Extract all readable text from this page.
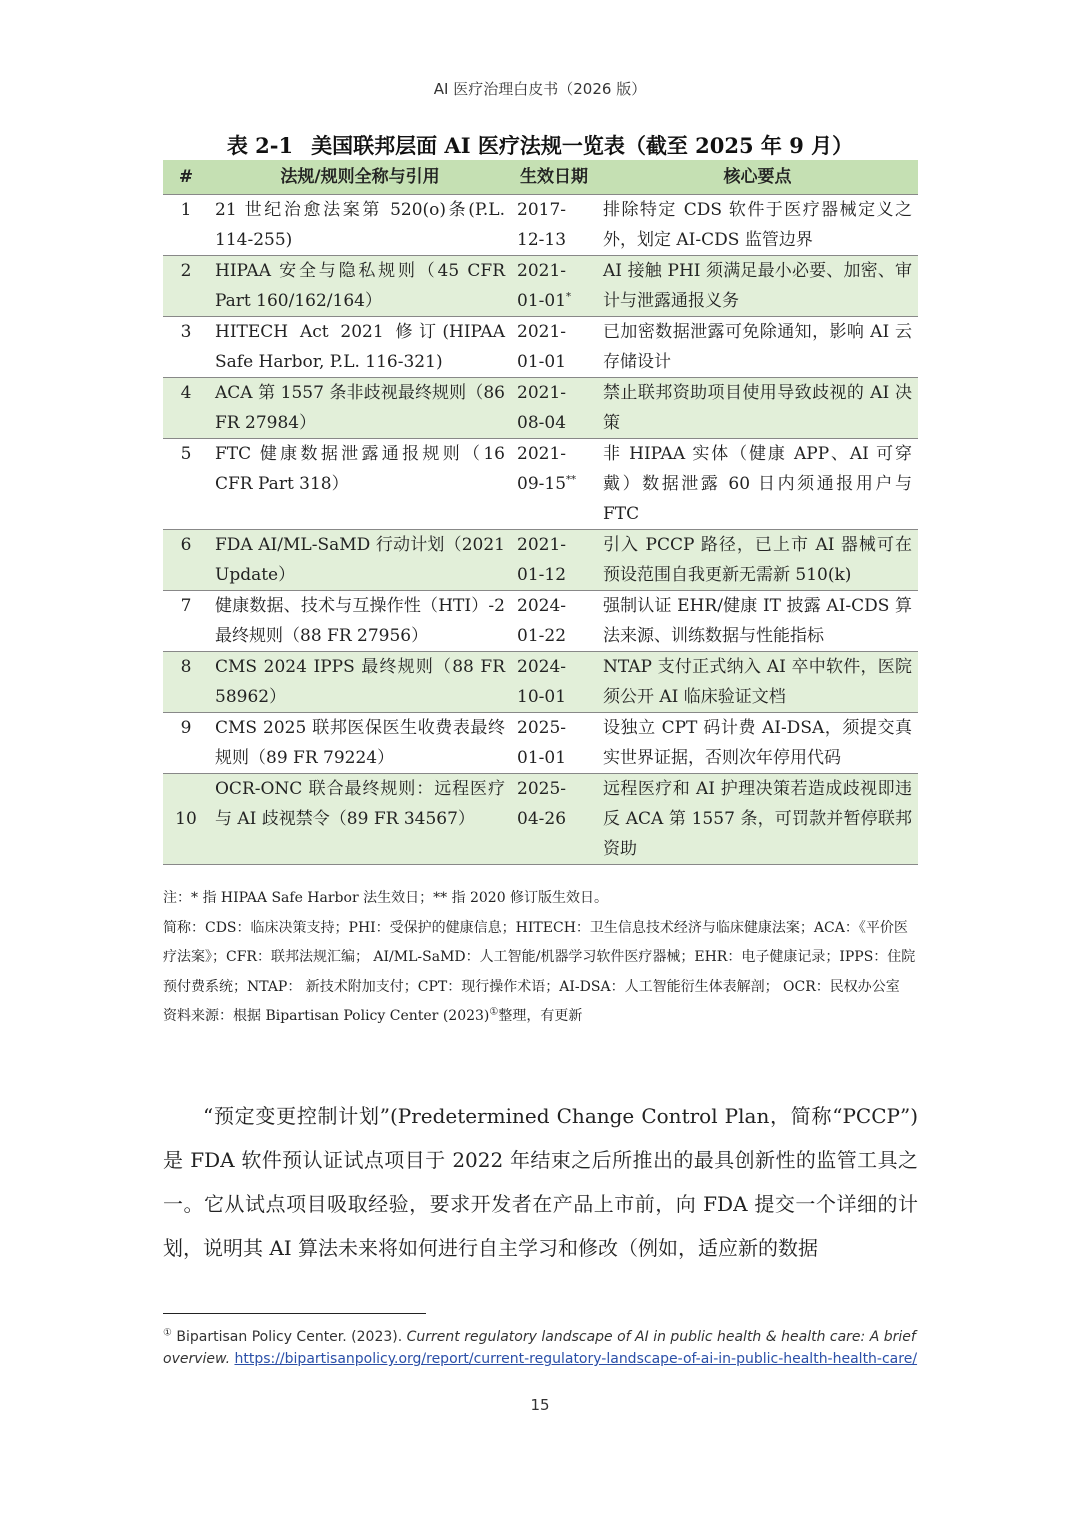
AI 医疗治理白皮书（2026 版）
表 2-1 美国联邦层面 AI 医疗法规一览表（截至 2025 年 9 月）
#	法规/规则全称与引用	生效日期	核心要点
1	21 世纪治愈法案第 520(o)条(P.L. 114-255)	2017-12-13	排除特定 CDS 软件于医疗器械定义之外，划定 AI-CDS 监管边界
2	HIPAA 安全与隐私规则（45 CFR Part 160/162/164）	2021-01-01*	AI 接触 PHI 须满足最小必要、加密、审计与泄露通报义务
3	HITECH Act 2021 修订(HIPAA Safe Harbor, P.L. 116-321)	2021-01-01	已加密数据泄露可免除通知，影响 AI 云存储设计
4	ACA 第 1557 条非歧视最终规则（86 FR 27984）	2021-08-04	禁止联邦资助项目使用导致歧视的 AI 决策
5	FTC 健康数据泄露通报规则（16 CFR Part 318）	2021-09-15**	非 HIPAA 实体（健康 APP、AI 可穿戴）数据泄露 60 日内须通报用户与 FTC
6	FDA AI/ML-SaMD 行动计划（2021 Update）	2021-01-12	引入 PCCP 路径，已上市 AI 器械可在预设范围自我更新无需新 510(k)
7	健康数据、技术与互操作性（HTI）-2 最终规则（88 FR 27956）	2024-01-22	强制认证 EHR/健康 IT 披露 AI-CDS 算法来源、训练数据与性能指标
8	CMS 2024 IPPS 最终规则（88 FR 58962）	2024-10-01	NTAP 支付正式纳入 AI 卒中软件，医院须公开 AI 临床验证文档
9	CMS 2025 联邦医保医生收费表最终规则（89 FR 79224）	2025-01-01	设独立 CPT 码计费 AI-DSA，须提交真实世界证据，否则次年停用代码
10	OCR-ONC 联合最终规则：远程医疗与 AI 歧视禁令（89 FR 34567）	2025-04-26	远程医疗和 AI 护理决策若造成歧视即违反 ACA 第 1557 条，可罚款并暂停联邦资助

注：* 指 HIPAA Safe Harbor 法生效日；** 指 2020 修订版生效日。

简称：CDS：临床决策支持；PHI：受保护的健康信息；HITECH：卫生信息技术经济与临床健康法案；ACA：《平价医疗法案》；CFR：联邦法规汇编； AI/ML-SaMD：人工智能/机器学习软件医疗器械；EHR：电子健康记录；IPPS：住院预付费系统；NTAP： 新技术附加支付；CPT：现行操作术语；AI-DSA：人工智能衍生体表解剖； OCR：民权办公室

资料来源：根据 Bipartisan Policy Center (2023)①整理，有更新

“预定变更控制计划”(Predetermined Change Control Plan，简称“PCCP”)是 FDA 软件预认证试点项目于 2022 年结束之后所推出的最具创新性的监管工具之一。它从试点项目吸取经验，要求开发者在产品上市前，向 FDA 提交一个详细的计划，说明其 AI 算法未来将如何进行自主学习和修改（例如，适应新的数据

① Bipartisan Policy Center. (2023). Current regulatory landscape of AI in public health & health care: A brief overview. https://bipartisanpolicy.org/report/current-regulatory-landscape-of-ai-in-public-health-health-care/
15
